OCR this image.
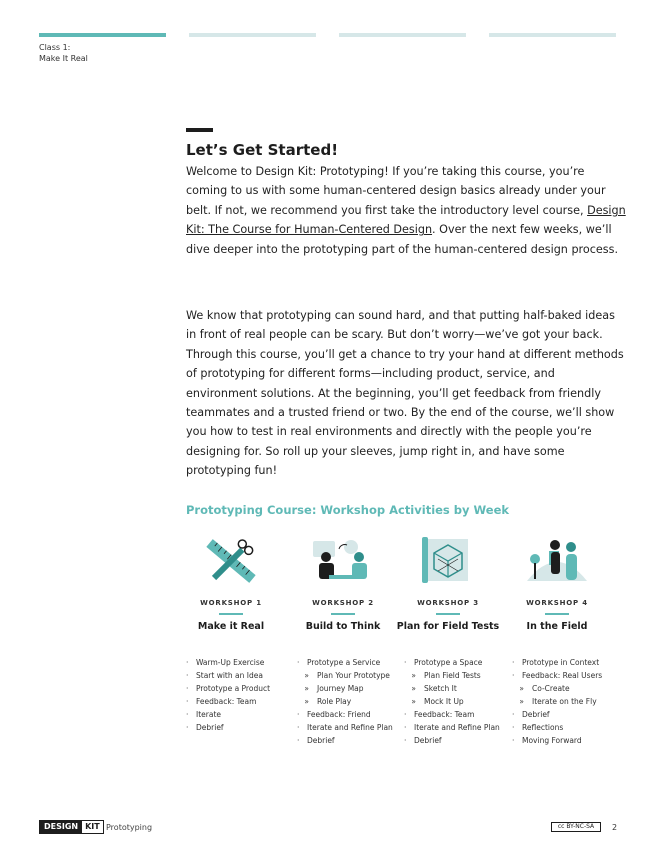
Class 1:
Make It Real
Let’s Get Started!

Welcome to Design Kit: Prototyping! If you’re taking this course, you’re coming to us with some human-centered design basics already under your belt. If not, we recommend you first take the introductory level course, Design Kit: The Course for Human-Centered Design. Over the next few weeks, we’ll dive deeper into the prototyping part of the human-centered design process.

We know that prototyping can sound hard, and that putting half-baked ideas in front of real people can be scary. But don’t worry—we’ve got your back. Through this course, you’ll get a chance to try your hand at different methods of prototyping for different forms—including product, service, and environment solutions. At the beginning, you’ll get feedback from friendly teammates and a trusted friend or two. By the end of the course, we’ll show you how to test in real environments and directly with the people you’re designing for. So roll up your sleeves, jump right in, and have some prototyping fun!

Prototyping Course: Workshop Activities by Week
WORKSHOP 1
Make it Real
WORKSHOP 2
Build to Think
WORKSHOP 3
Plan for Field Tests
WORKSHOP 4
In the Field
· Warm-Up Exercise
· Start with an Idea
· Prototype a Product
· Feedback: Team
· Iterate
· Debrief
· Prototype a Service
» Plan Your Prototype
» Journey Map
» Role Play
· Feedback: Friend
· Iterate and Refine Plan
· Debrief
· Prototype a Space
» Plan Field Tests
» Sketch It
» Mock It Up
· Feedback: Team
· Iterate and Refine Plan
· Debrief
· Prototype in Context
· Feedback: Real Users
» Co-Create
» Iterate on the Fly
· Debrief
· Reflections
· Moving Forward
DESIGN KIT Prototyping	cc BY-NC-SA	2
